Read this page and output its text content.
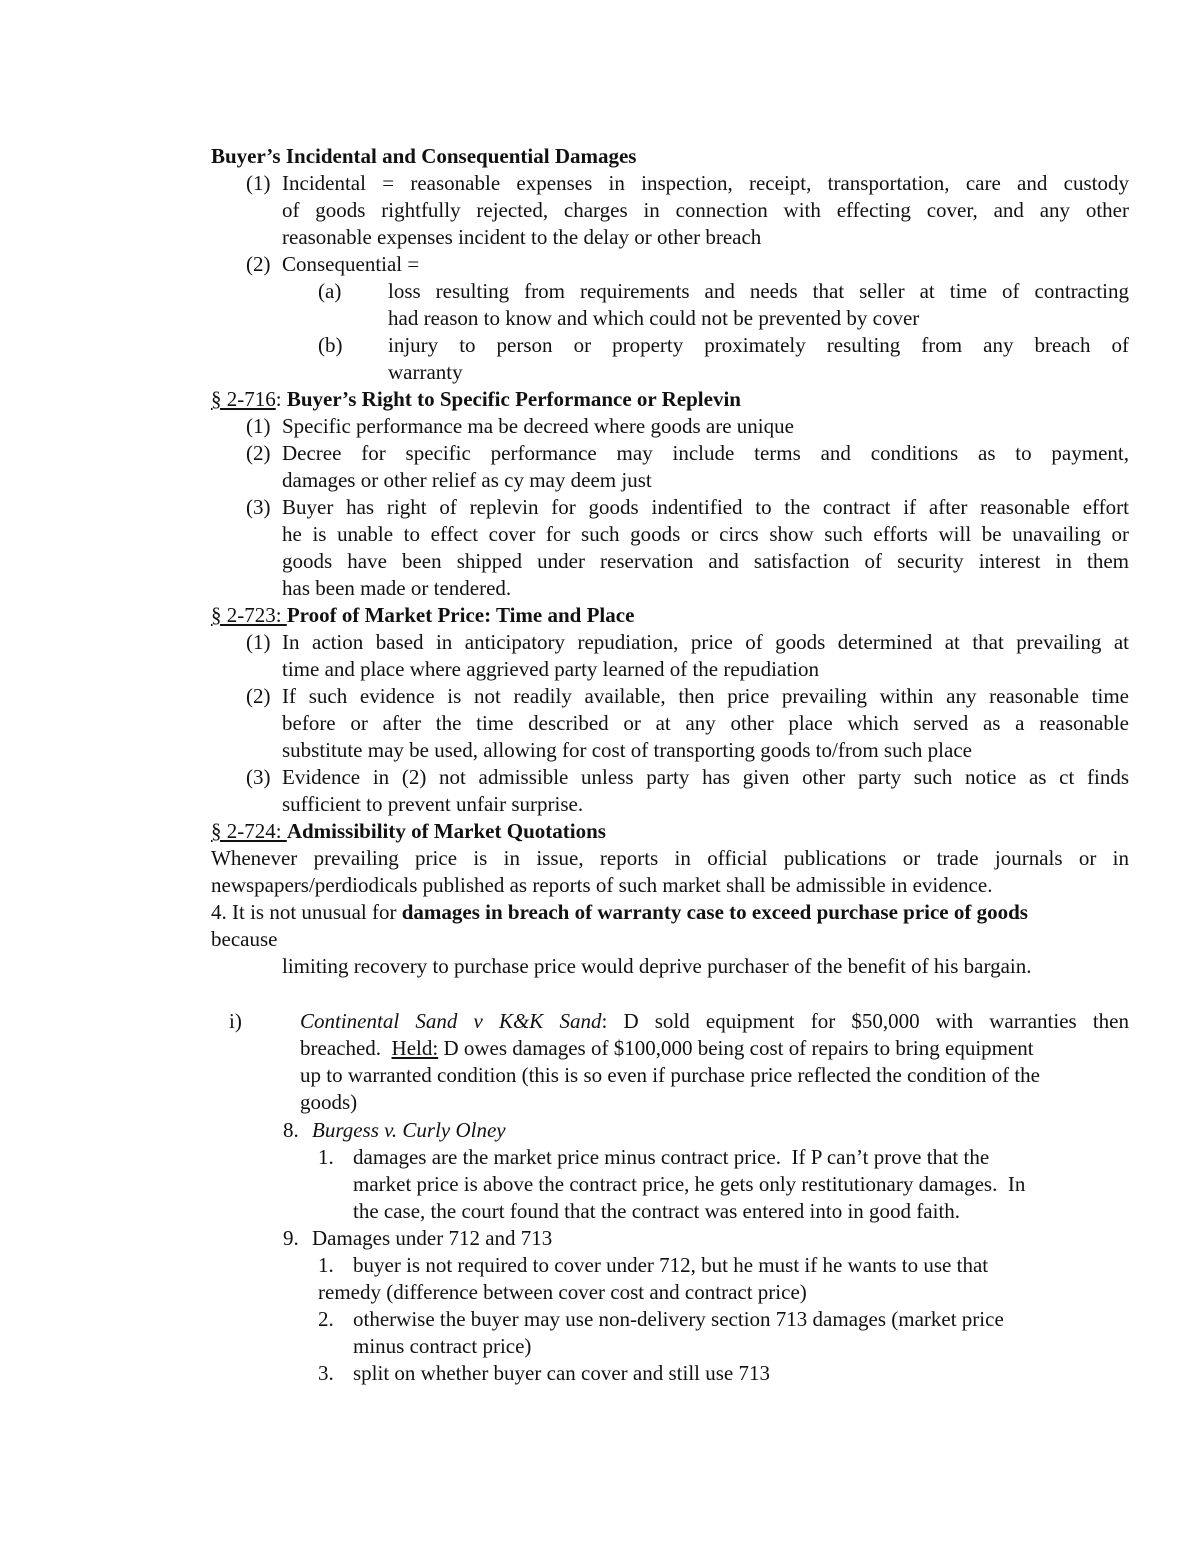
Buyer’s Incidental and Consequential Damages
(1) Incidental = reasonable expenses in inspection, receipt, transportation, care and custody
of goods rightfully rejected, charges in connection with effecting cover, and any other
reasonable expenses incident to the delay or other breach
(2) Consequential =
(a) loss resulting from requirements and needs that seller at time of contracting
had reason to know and which could not be prevented by cover
(b) injury to person or property proximately resulting from any breach of
warranty
§ 2-716: Buyer’s Right to Specific Performance or Replevin
(1) Specific performance ma be decreed where goods are unique
(2) Decree for specific performance may include terms and conditions as to payment,
damages or other relief as cy may deem just
(3) Buyer has right of replevin for goods indentified to the contract if after reasonable effort
he is unable to effect cover for such goods or circs show such efforts will be unavailing or
goods have been shipped under reservation and satisfaction of security interest in them
has been made or tendered.
§ 2-723: Proof of Market Price: Time and Place
(1) In action based in anticipatory repudiation, price of goods determined at that prevailing at
time and place where aggrieved party learned of the repudiation
(2) If such evidence is not readily available, then price prevailing within any reasonable time
before or after the time described or at any other place which served as a reasonable
substitute may be used, allowing for cost of transporting goods to/from such place
(3) Evidence in (2) not admissible unless party has given other party such notice as ct finds
sufficient to prevent unfair surprise.
§ 2-724: Admissibility of Market Quotations
Whenever prevailing price is in issue, reports in official publications or trade journals or in
newspapers/perdiodicals published as reports of such market shall be admissible in evidence.
4. It is not unusual for damages in breach of warranty case to exceed purchase price of goods
because
limiting recovery to purchase price would deprive purchaser of the benefit of his bargain.
i)	Continental Sand v K&K Sand: D sold equipment for $50,000 with warranties then
breached.  Held: D owes damages of $100,000 being cost of repairs to bring equipment
up to warranted condition (this is so even if purchase price reflected the condition of the
goods)
8. Burgess v. Curly Olney
1. damages are the market price minus contract price.  If P can’t prove that the
market price is above the contract price, he gets only restitutionary damages.  In
the case, the court found that the contract was entered into in good faith.
9. Damages under 712 and 713
1. buyer is not required to cover under 712, but he must if he wants to use that
remedy (difference between cover cost and contract price)
2. otherwise the buyer may use non-delivery section 713 damages (market price
minus contract price)
3. split on whether buyer can cover and still use 713
